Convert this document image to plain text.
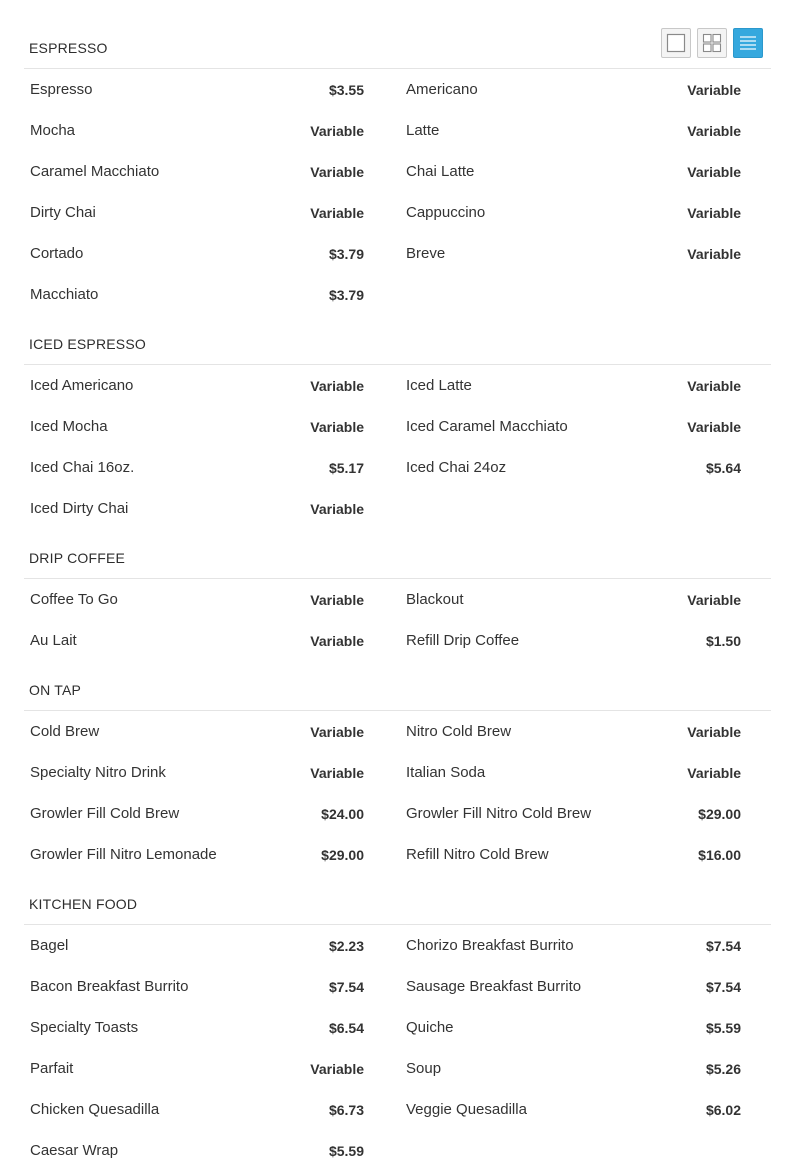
ESPRESSO
Espresso	$3.55	Americano	Variable
Mocha	Variable	Latte	Variable
Caramel Macchiato	Variable	Chai Latte	Variable
Dirty Chai	Variable	Cappuccino	Variable
Cortado	$3.79	Breve	Variable
Macchiato	$3.79
ICED ESPRESSO
Iced Americano	Variable	Iced Latte	Variable
Iced Mocha	Variable	Iced Caramel Macchiato	Variable
Iced Chai 16oz.	$5.17	Iced Chai 24oz	$5.64
Iced Dirty Chai	Variable
DRIP COFFEE
Coffee To Go	Variable	Blackout	Variable
Au Lait	Variable	Refill Drip Coffee	$1.50
ON TAP
Cold Brew	Variable	Nitro Cold Brew	Variable
Specialty Nitro Drink	Variable	Italian Soda	Variable
Growler Fill Cold Brew	$24.00	Growler Fill Nitro Cold Brew	$29.00
Growler Fill Nitro Lemonade	$29.00	Refill Nitro Cold Brew	$16.00
KITCHEN FOOD
Bagel	$2.23	Chorizo Breakfast Burrito	$7.54
Bacon Breakfast Burrito	$7.54	Sausage Breakfast Burrito	$7.54
Specialty Toasts	$6.54	Quiche	$5.59
Parfait	Variable	Soup	$5.26
Chicken Quesadilla	$6.73	Veggie Quesadilla	$6.02
Caesar Wrap	$5.59
